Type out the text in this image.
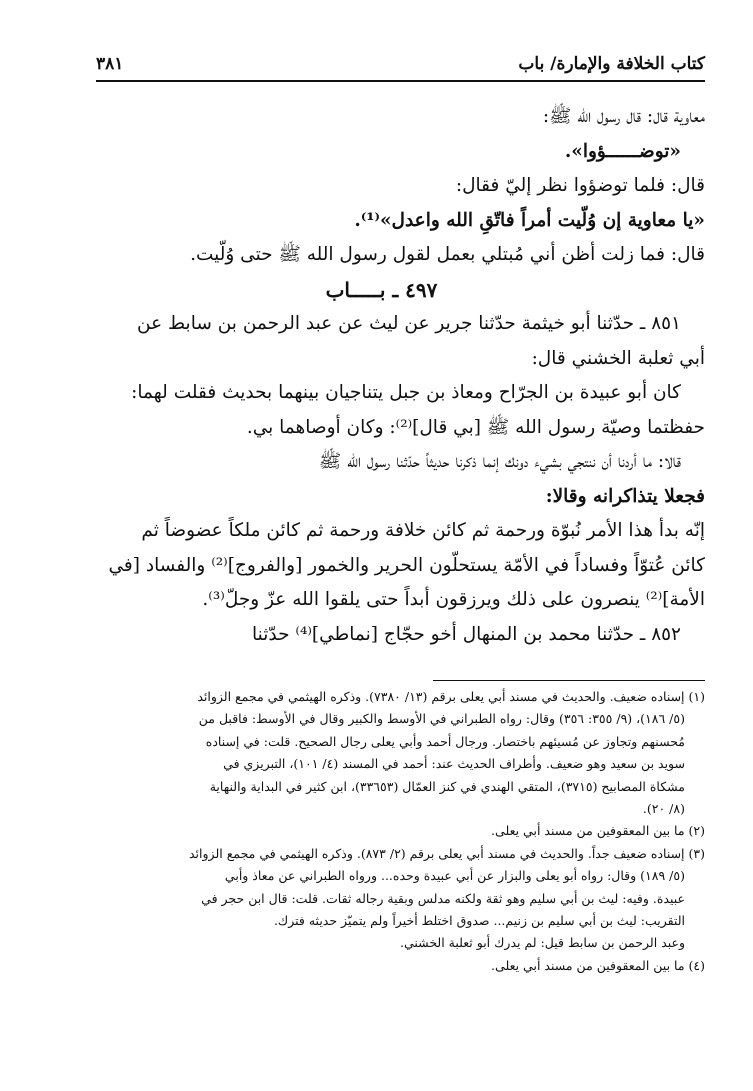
كتاب الخلافة والإمارة/ باب
٣٨١
معاوية قال: قال رسول الله ﷺ:
«توضــــــؤوا».
قال: فلما توضؤوا نظر إليّ فقال:
«يا معاوية إن وُلّيت أمراً فاتّقِ الله واعدل»⁽¹⁾.
قال: فما زلت أظن أني مُبتلي بعمل لقول رسول الله ﷺ حتى وُلّيت.
٤٩٧ ـ بـــــاب
٨٥١ ـ حدّثنا أبو خيثمة حدّثنا جرير عن ليث عن عبد الرحمن بن سابط عن
أبي ثعلبة الخشني قال:
كان أبو عبيدة بن الجرّاح ومعاذ بن جبل يتناجيان بينهما بحديث فقلت لهما:
حفظتما وصيّة رسول الله ﷺ [بي قال]⁽²⁾: وكان أوصاهما بي.
قالا: ما أردنا أن ننتجي بشيء دونك إنما ذكرنا حديثاً حدّثنا رسول الله ﷺ
فجعلا يتذاكرانه وقالا:
إنّه بدأ هذا الأمر نُبوّة ورحمة ثم كائن خلافة ورحمة ثم كائن ملكاً عضوضاً ثم
كائن عُتوّاً وفساداً في الأمّة يستحلّون الحرير والخمور [والفروج]⁽²⁾ والفساد [في
الأمة]⁽²⁾ ينصرون على ذلك ويرزقون أبداً حتى يلقوا الله عزّ وجلّ⁽³⁾.
٨٥٢ ـ حدّثنا محمد بن المنهال أخو حجّاج [نماطي]⁽⁴⁾ حدّثنا
(١) إسناده ضعيف. والحديث في مسند أبي يعلى برقم (١٣/ ٧٣٨٠). وذكره الهيثمي في مجمع الزوائد
(٥/ ١٨٦)، (٩/ ٣٥٥: ٣٥٦) وقال: رواه الطبراني في الأوسط والكبير وقال في الأوسط: فاقبل من
مُحسنهم وتجاوز عن مُسيئهم باختصار. ورجال أحمد وأبي يعلى رجال الصحيح. قلت: في إسناده
سويد بن سعيد وهو ضعيف. وأطراف الحديث عند: أحمد في المسند (٤/ ١٠١)، التبريزي في
مشكاة المصابيح (٣٧١٥)، المتقي الهندي في كنز العمّال (٣٣٦٥٣)، ابن كثير في البداية والنهاية
(٨/ ٢٠).
(٢) ما بين المعقوفين من مسند أبي يعلى.
(٣) إسناده ضعيف جداً. والحديث في مسند أبي يعلى برقم (٢/ ٨٧٣). وذكره الهيثمي في مجمع الزوائد
(٥/ ١٨٩) وقال: رواه أبو يعلى والبزار عن أبي عبيدة وحده... ورواه الطبراني عن معاذ وأبي
عبيدة. وفيه: ليث بن أبي سليم وهو ثقة ولكنه مدلس وبقية رجاله ثقات. قلت: قال ابن حجر في
التقريب: ليث بن أبي سليم بن زنيم... صدوق اختلط أخيراً ولم يتميّز حديثه فترك.
وعبد الرحمن بن سابط قيل: لم يدرك أبو ثعلبة الخشني.
(٤) ما بين المعقوفين من مسند أبي يعلى.
